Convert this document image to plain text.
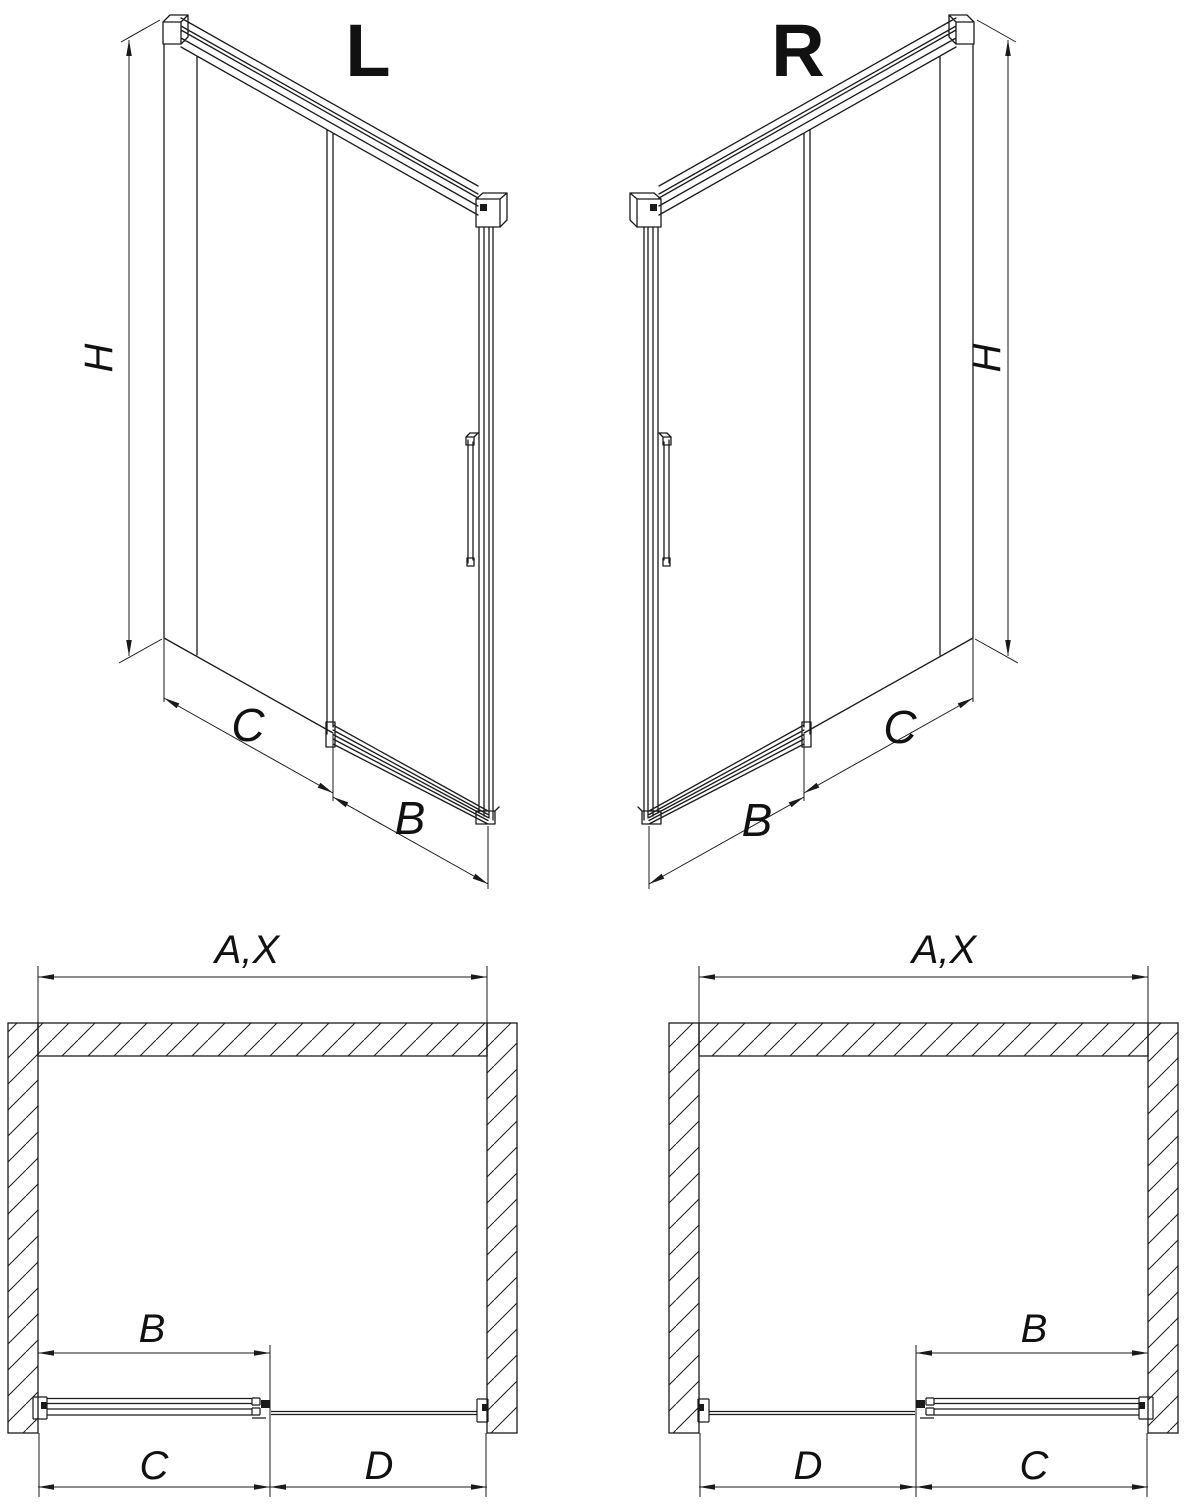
L	R
H	H
C
B	B
C
A,X
B
C	D
A,X
B
D	C
